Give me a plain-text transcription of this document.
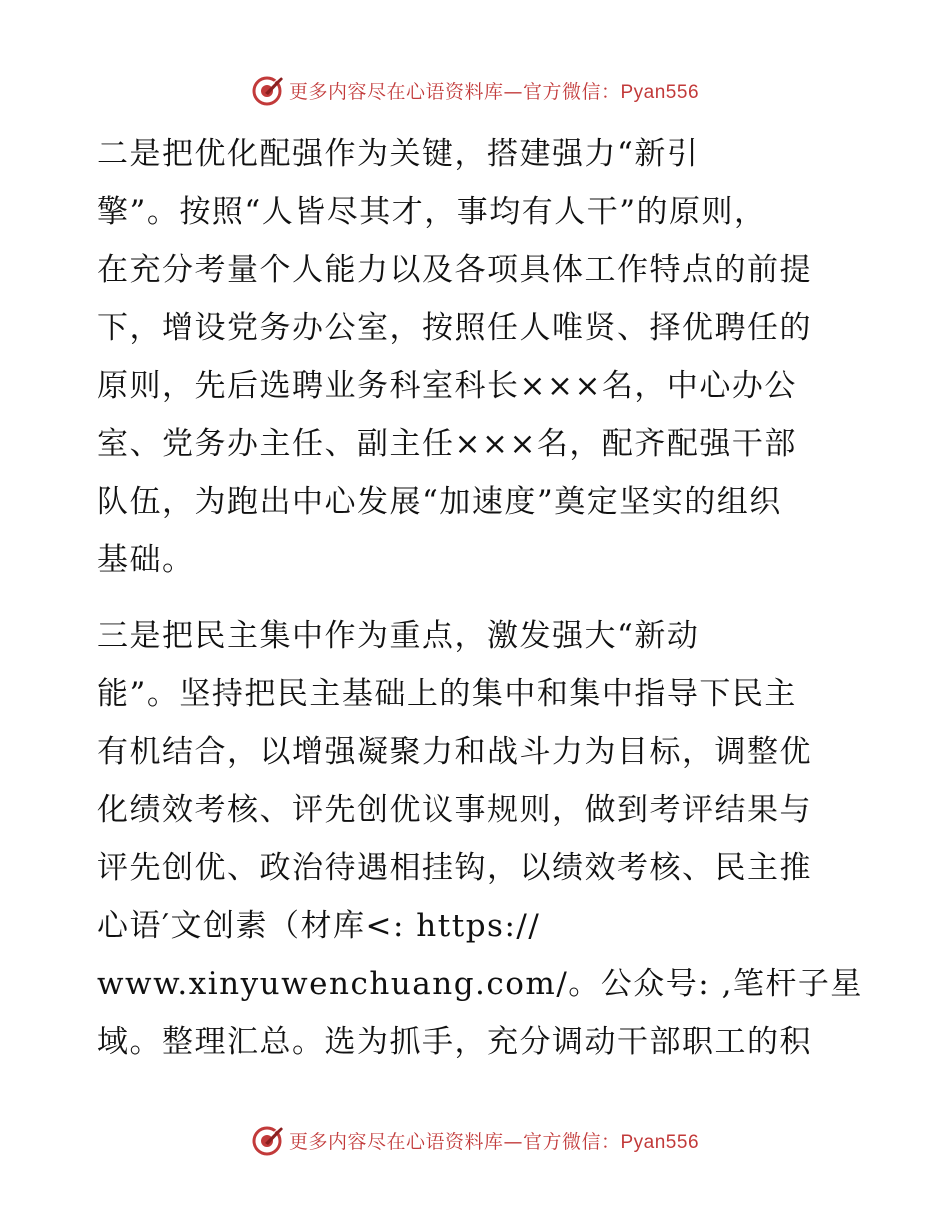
更多内容尽在心语资料库—官方微信：Pyan556
二是把优化配强作为关键，搭建强力“新引
擎”。按照“人皆尽其才，事均有人干”的原则，
在充分考量个人能力以及各项具体工作特点的前提
下，增设党务办公室，按照任人唯贤、择优聘任的
原则，先后选聘业务科室科长×××名，中心办公
室、党务办主任、副主任×××名，配齐配强干部
队伍，为跑出中心发展“加速度”奠定坚实的组织
基础。
三是把民主集中作为重点，激发强大“新动
能”。坚持把民主基础上的集中和集中指导下民主
有机结合，以增强凝聚力和战斗力为目标，调整优
化绩效考核、评先创优议事规则，做到考评结果与
评先创优、政治待遇相挂钩，以绩效考核、民主推
心语′文创素（材库<: https://
www.xinyuwenchuang.com/。公众号: ,笔杆子星
域。整理汇总。选为抓手，充分调动干部职工的积
更多内容尽在心语资料库—官方微信：Pyan556
